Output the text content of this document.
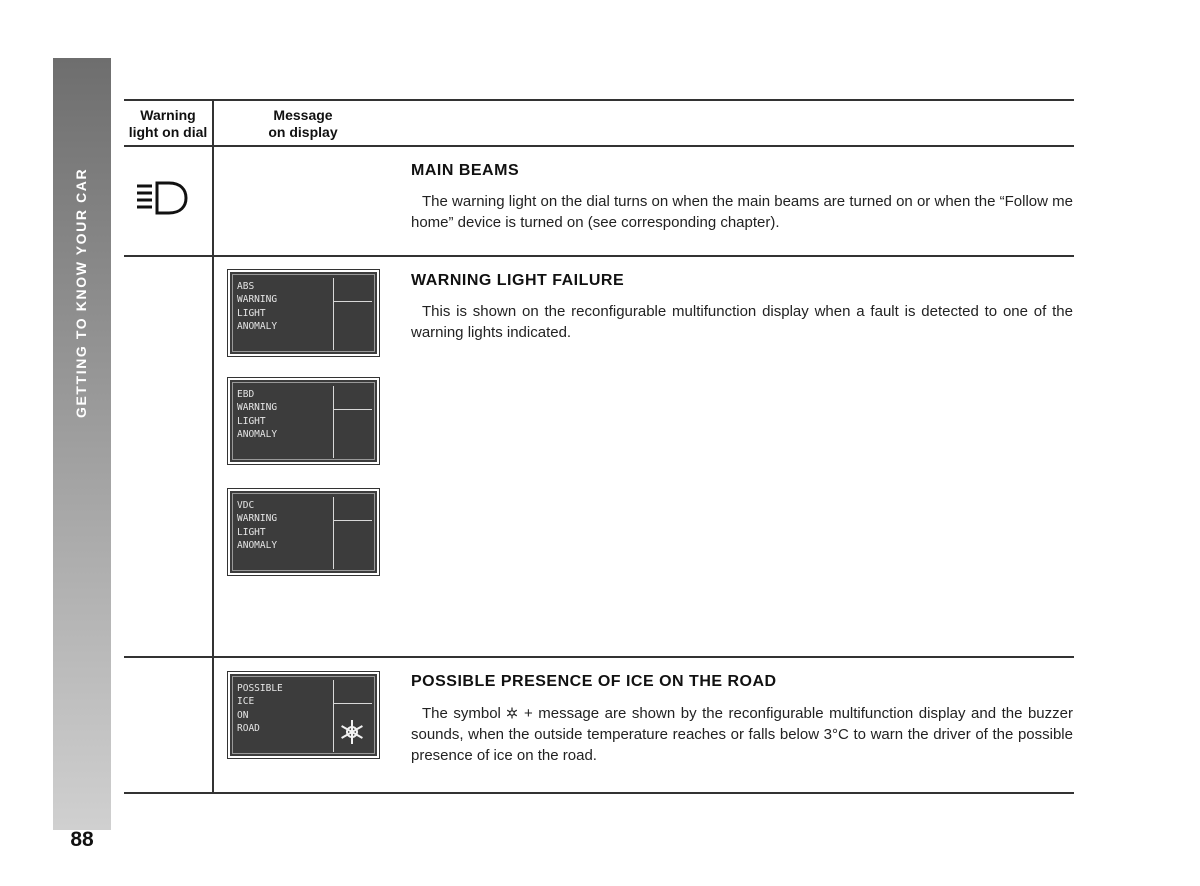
GETTING TO KNOW YOUR CAR
88
Warning
light on dial
Message
on display
MAIN BEAMS
The warning light on the dial turns on when the main beams are turned on or when the “Follow me home” device is turned on (see corresponding chapter).
ABS
WARNING
LIGHT
ANOMALY
EBD
WARNING
LIGHT
ANOMALY
VDC
WARNING
LIGHT
ANOMALY
WARNING LIGHT FAILURE
This is shown on the reconfigurable multifunction display when a fault is detected to one of the warning lights indicated.
POSSIBLE
ICE
ON
ROAD
POSSIBLE PRESENCE OF ICE ON THE ROAD
The symbol  + message are shown by the reconfigurable multifunction display and the buzzer sounds, when the outside temperature reaches or falls below 3°C to warn the driver of the possible presence of ice on the road.
